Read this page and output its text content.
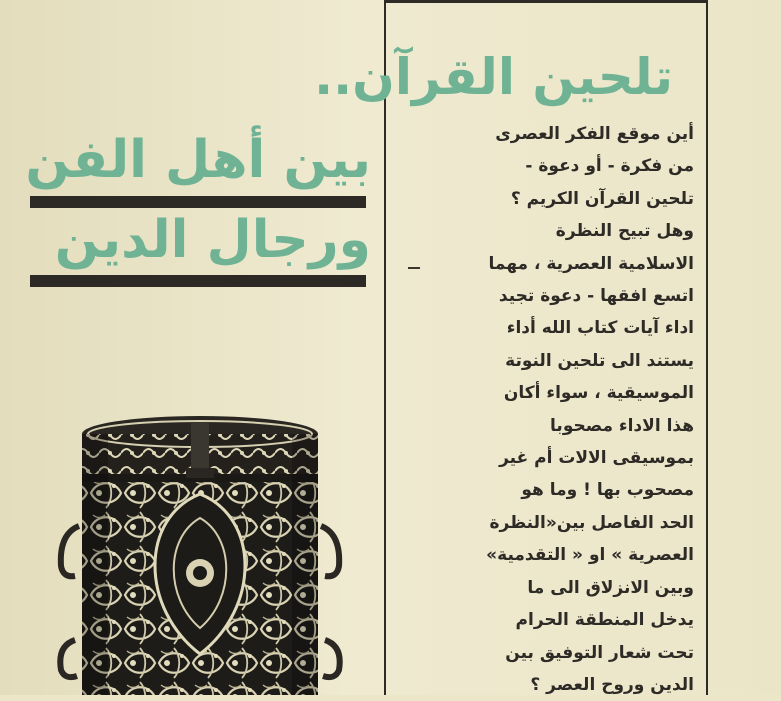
تلحين القرآن..
بين أهل الفن
ورجال الدين
أين موقع الفكر العصرى
من فكرة - أو دعوة -
تلحين القرآن الكريم ؟
وهل تبيح النظرة
الاسلامية العصرية ، مهما
اتسع افقها - دعوة تجيد
اداء آيات كتاب الله أداء
يستند الى تلحين النوتة
الموسيقية ، سواء أكان
هذا الاداء مصحوبا
بموسيقى الالات أم غير
مصحوب بها ! وما هو
الحد الفاصل بين«النظرة
العصرية » او « التقدمية»
وبين الانزلاق الى ما
يدخل المنطقة الحرام
تحت شعار التوفيق بين
الدين وروح العصر ؟
